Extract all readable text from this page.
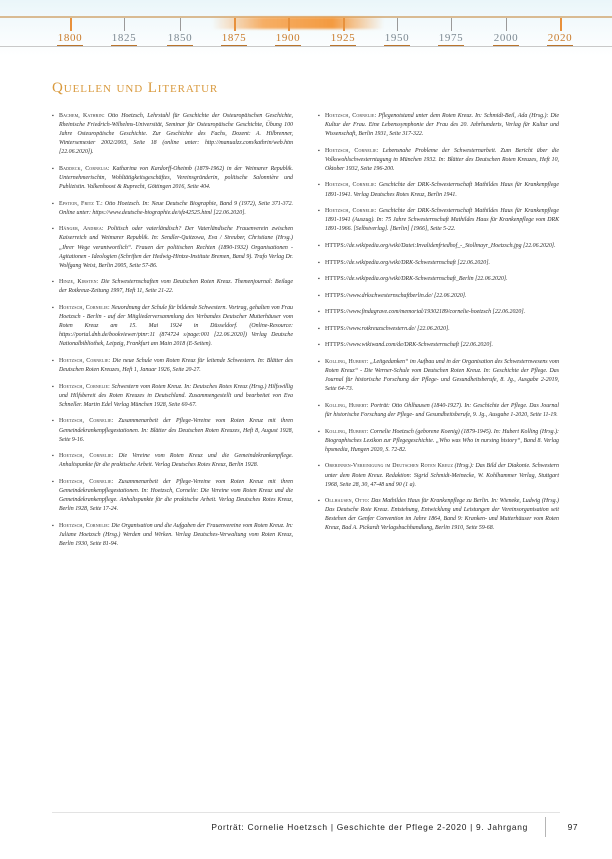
1800	1825	1850	1875	1900	1925	1950	1975	2000	2020
Quellen und Literatur

▪ Bachem, Kathrin: Otto Hoetzsch, Lehrstuhl für Geschichte der Osteuropäischen Geschichte, Rheinische Friedrich-Wilhelms-Universität, Seminar für Osteuropäische Geschichte, Übung 100 Jahre Osteuropäische Geschichte. Zur Geschichte des Fachs, Dozent: A. Hilbrenner, Wintersemester 2002/2003, Seite 18 (online unter: http://manualzz.com/kathrin/web.htm [22.06.2020]).

▪ Baddeck, Cornelia: Katharina von Kardorff-Oheimb (1879-1962) in der Weimarer Republik. Unternehmerischtn, Wohltätigkeitsgeschäftes, Vereinsgründerin, politische Salonnière und Publizistin. Valkenhoost & Ruprecht, Göttingen 2016, Seite 404.

▪ Epstein, Fritz T.: Otto Hoetzsch. In: Neue Deutsche Biographie, Band 9 (1972), Seite 371-372. Online unter: https://www.deutsche-biographie.de/sfz42525.html [22.06.2020].

▪ Hänger, Andrea: Politisch oder vaterländisch? Der Vaterländische Frauenverein zwischen Kaiserreich und Weimarer Republik. In: Sendler-Quitzowa, Eva / Streuber, Christiane (Hrsg.) „Ihrer Wege verantwortlich“. Frauen der politischen Rechten (1890-1932) Organisationen - Agitationen - Ideologien (Schriften der Hedwig-Hintze-Institute Bremen, Band 9). Trafo Verlag Dr. Wolfgang Weist, Berlin 2005, Seite 57-86.

▪ Hinze, Kirsten: Die Schwesternschaften vom Deutschen Roten Kreuz. Themenjournal: Beilage der Rotkreuz-Zeitung 1997, Heft 11, Seite 21-22.

▪ Hoetzsch, Cornelie: Neuordnung der Schule für bildende Schwestern. Vortrag, gehalten von Frau Hoetzsch - Berlin - auf der Mitgliederversammlung des Verbandes Deutscher Mutterhäuser vom Roten Kreuz am 15. Mai 1924 in Düsseldorf. (Online-Resource: https://portal.dnb.de/bookviewer/ptnr:11 (874724 s/page:001 [22.06.2020]) Verlag Deutsche Nationalbibliothek, Leipzig, Frankfurt am Main 2018 (E-Seiten).

▪ Hoetzsch, Cornelie: Die neue Schule vom Roten Kreuz für leitende Schwestern. In: Blätter des Deutschen Roten Kreuzes, Heft 1, Januar 1926, Seite 20-27.

▪ Hoetzsch, Cornelie: Schwestern vom Roten Kreuz. In: Deutsches Rotes Kreuz (Hrsg.) Hilfswillig und Hilfsbereit des Roten Kreuzes in Deutschland. Zusammengestellt und bearbeitet von Eva Schneller. Martin Edel Verlag München 1928, Seite 60-67.

▪ Hoetzsch, Cornelie: Zusammenarbeit der Pflege-Vereine vom Roten Kreuz mit ihren Gemeindekrankenpflegestationen. In: Blätter des Deutschen Roten Kreuzes, Heft 8, August 1928, Seite 9-16.

▪ Hoetzsch, Cornelie: Die Vereine vom Roten Kreuz und die Gemeindekrankenpflege. Anhaltspunkte für die praktische Arbeit. Verlag Deutsches Rotes Kreuz, Berlin 1928.

▪ Hoetzsch, Cornelie: Zusammenarbeit der Pflege-Vereine vom Roten Kreuz mit ihren Gemeindekrankenpflegestationen. In: Hoetzsch, Cornelie: Die Vereine vom Roten Kreuz und die Gemeindekrankenpflege. Anhaltspunkte für die praktische Arbeit. Verlag Deutsches Rotes Kreuz, Berlin 1928, Seite 17-24.

▪ Hoetzsch, Cornelie: Die Organisation und die Aufgaben der Frauenvereine vom Roten Kreuz. In: Juliane Hoetzsch (Hrsg.) Werden und Wirken. Verlag Deutsches-Verwaltung vom Roten Kreuz, Berlin 1930, Seite 81-94.

▪ Hoetzsch, Cornelie: Pflegenotstand unter dem Roten Kreuz. In: Schmidt-Beil, Ada (Hrsg.): Die Kultur der Frau. Eine Lebenssymphonie der Frau des 20. Jahrhunderts, Verlag für Kultur und Wissenschaft, Berlin 1931, Seite 317-322.

▪ Hoetzsch, Cornelie: Lebensnahe Probleme der Schwesternarbeit. Zum Bericht über die Volkswohlschwesterntagung in München 1932. In: Blätter des Deutschen Roten Kreuzes, Heft 10, Oktober 1932, Seite 196-200.

▪ Hoetzsch, Cornelie: Geschichte der DRK-Schwesternschaft Mathildes Haus für Krankenpflege 1891-1941. Verlag Deutsches Rotes Kreuz, Berlin 1941.

▪ Hoetzsch, Cornelie: Geschichte der DRK-Schwesternschaft Mathildes Haus für Krankenpflege 1891-1941 (Auszug). In: 75 Jahre Schwesternschaft Mathildes Haus für Krankenpflege vom DRK 1891-1966. [Selbstverlag]. [Berlin] [1966], Seite 5-22.

▪ HTTPS://de.wikipedia.org/wiki/Datei:Invalidenfriedhof_-_Stollmayr_Hoetzsch.jpg [22.06.2020].

▪ HTTPS://de.wikipedia.org/wiki/DRK-Schwesternschaft [22.06.2020].

▪ HTTPS://de.wikipedia.org/wiki/DRK-Schwesternschaft_Berlin [22.06.2020].

▪ HTTPS://www.drkschwesternschaftberlin.de/ [22.06.2020].

▪ HTTPS://www.findagrave.com/memorial/19302189/cornelie-hoetzsch [22.06.2020].

▪ HTTPS://www.rotkreuzschwestern.de/ [22.06.2020].

▪ HTTPS://www.wikiwand.com/de/DRK-Schwesternschaft [22.06.2020].

▪ Kolling, Hubert: „Leitgedanken“ im Aufbau und in der Organisation des Schwesternwesens vom Roten Kreuz“ - Die Werner-Schule vom Deutschen Roten Kreuz. In: Geschichte der Pflege. Das Journal für historische Forschung der Pflege- und Gesundheitsberufe, 8. Jg., Ausgabe 2-2019, Seite 64-73.

▪ Kolling, Hubert: Porträt: Otto Ohlhausen (1840-1927). In: Geschichte der Pflege. Das Journal für historische Forschung der Pflege- und Gesundheitsberufe, 9. Jg., Ausgabe 1-2020, Seite 11-19.

▪ Kolling, Hubert: Cornelie Hoetzsch (geborene Koenig) (1879-1945). In: Hubert Kolling (Hrsg.): Biographisches Lexikon zur Pflegegeschichte. „Who was Who in nursing history“, Band 8. Verlag hpsmedia, Hungen 2020, S. 72-82.

▪ Oberinnen-Vereinigung im Deutschen Roten Kreuz (Hrsg.): Das Bild der Diakonie. Schwestern unter dem Roten Kreuz. Redaktion: Sigrid Schmidt-Meinecke, W. Kohlhammer Verlag, Stuttgart 1968, Seite 28, 30, 47-48 und 90 (1 a).

▪ Ollhausen, Otto: Das Mathildes Haus für Krankenpflege zu Berlin. In: Wieneke, Ludwig (Hrsg.) Das Deutsche Rote Kreuz. Entstehung, Entwicklung und Leistungen der Vereinsorganisation seit Bestehen der Genfer Convention im Jahre 1864, Band 9: Kranken- und Mutterhäuser vom Roten Kreuz, Bad A. Pickardt Verlagsbuchhandlung, Berlin 1910, Seite 59-68.

Porträt: Cornelie Hoetzsch | Geschichte der Pflege 2-2020 | 9. Jahrgang	97
